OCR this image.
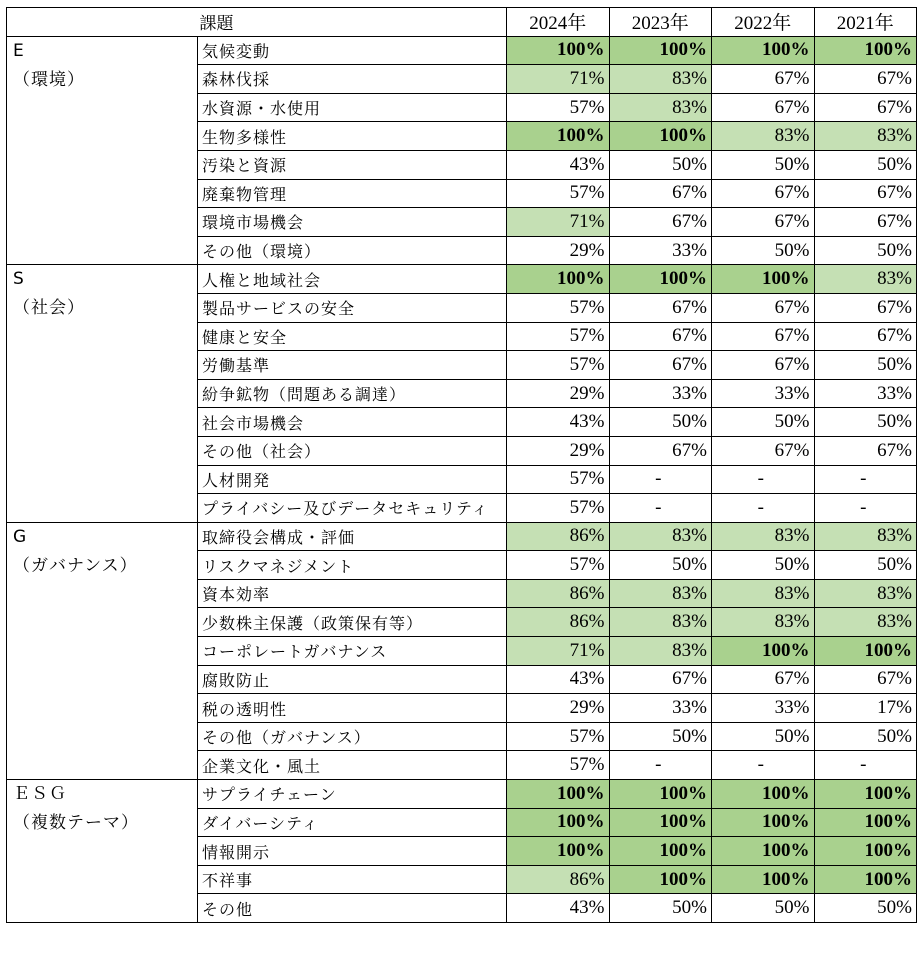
課題		2024年	2023年	2022年	2021年

E
（環境）	気候変動	100%	100%	100%	100%
	森林伐採	71%	83%	67%	67%
	水資源・水使用	57%	83%	67%	67%
	生物多様性	100%	100%	83%	83%
	汚染と資源	43%	50%	50%	50%
	廃棄物管理	57%	67%	67%	67%
	環境市場機会	71%	67%	67%	67%
	その他（環境）	29%	33%	50%	50%

S
（社会）	人権と地域社会	100%	100%	100%	83%
	製品サービスの安全	57%	67%	67%	67%
	健康と安全	57%	67%	67%	67%
	労働基準	57%	67%	67%	50%
	紛争鉱物（問題ある調達）	29%	33%	33%	33%
	社会市場機会	43%	50%	50%	50%
	その他（社会）	29%	67%	67%	67%
	人材開発	57%	-	-	-
	プライバシー及びデータセキュリティ	57%	-	-	-

G
（ガバナンス）	取締役会構成・評価	86%	83%	83%	83%
	リスクマネジメント	57%	50%	50%	50%
	資本効率	86%	83%	83%	83%
	少数株主保護（政策保有等）	86%	83%	83%	83%
	コーポレートガバナンス	71%	83%	100%	100%
	腐敗防止	43%	67%	67%	67%
	税の透明性	29%	33%	33%	17%
	その他（ガバナンス）	57%	50%	50%	50%
	企業文化・風土	57%	-	-	-

ＥＳＧ
（複数テーマ）	サプライチェーン	100%	100%	100%	100%
	ダイバーシティ	100%	100%	100%	100%
	情報開示	100%	100%	100%	100%
	不祥事	86%	100%	100%	100%
	その他	43%	50%	50%	50%
